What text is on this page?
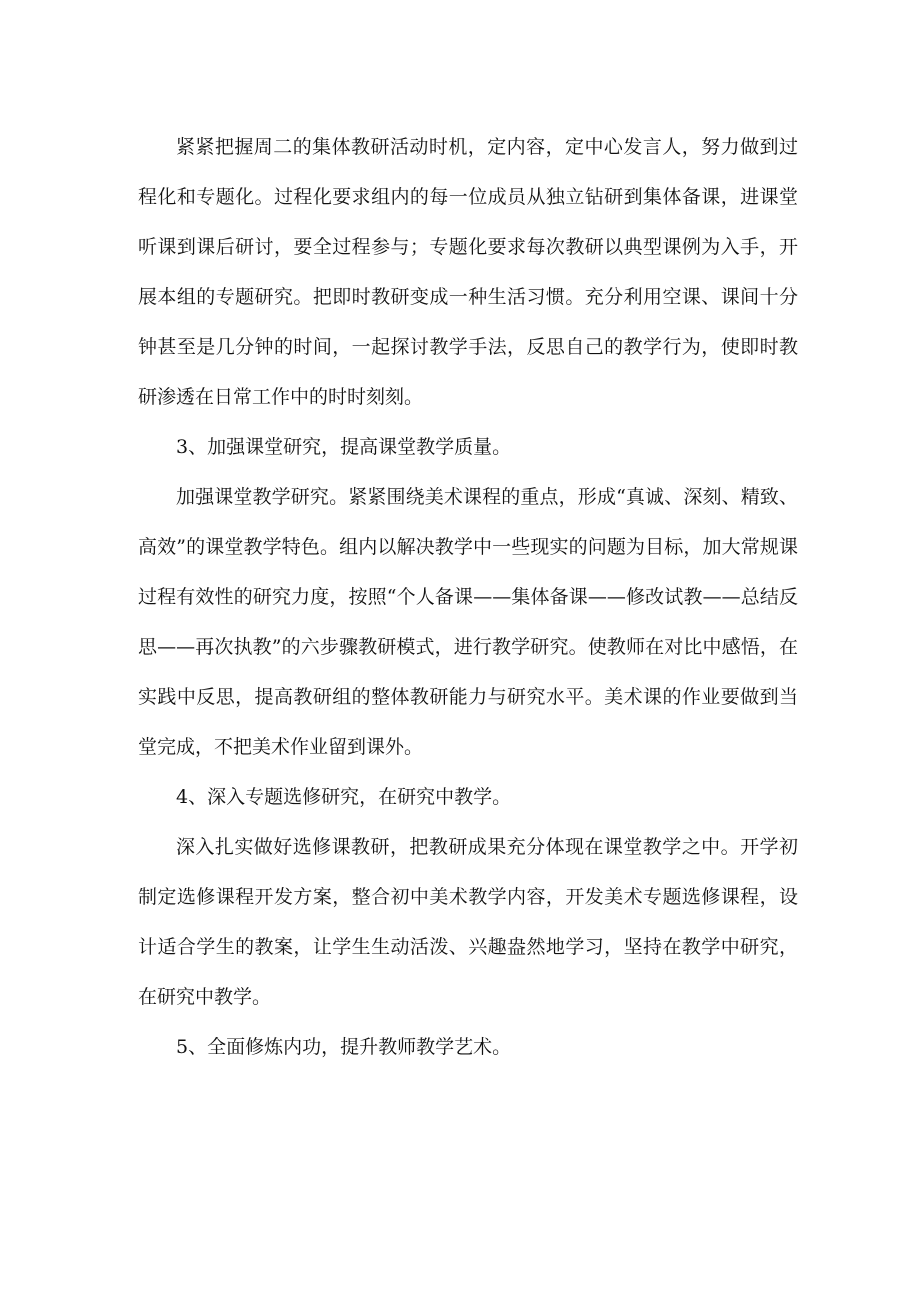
紧紧把握周二的集体教研活动时机，定内容，定中心发言人，努力做到过程化和专题化。过程化要求组内的每一位成员从独立钻研到集体备课，进课堂听课到课后研讨，要全过程参与；专题化要求每次教研以典型课例为入手，开展本组的专题研究。把即时教研变成一种生活习惯。充分利用空课、课间十分钟甚至是几分钟的时间，一起探讨教学手法，反思自己的教学行为，使即时教研渗透在日常工作中的时时刻刻。

3、加强课堂研究，提高课堂教学质量。

加强课堂教学研究。紧紧围绕美术课程的重点，形成“真诚、深刻、精致、高效”的课堂教学特色。组内以解决教学中一些现实的问题为目标，加大常规课过程有效性的研究力度，按照“个人备课——集体备课——修改试教——总结反思——再次执教”的六步骤教研模式，进行教学研究。使教师在对比中感悟，在实践中反思，提高教研组的整体教研能力与研究水平。美术课的作业要做到当堂完成，不把美术作业留到课外。

4、深入专题选修研究，在研究中教学。

深入扎实做好选修课教研，把教研成果充分体现在课堂教学之中。开学初制定选修课程开发方案，整合初中美术教学内容，开发美术专题选修课程，设计适合学生的教案，让学生生动活泼、兴趣盎然地学习，坚持在教学中研究，在研究中教学。

5、全面修炼内功，提升教师教学艺术。
